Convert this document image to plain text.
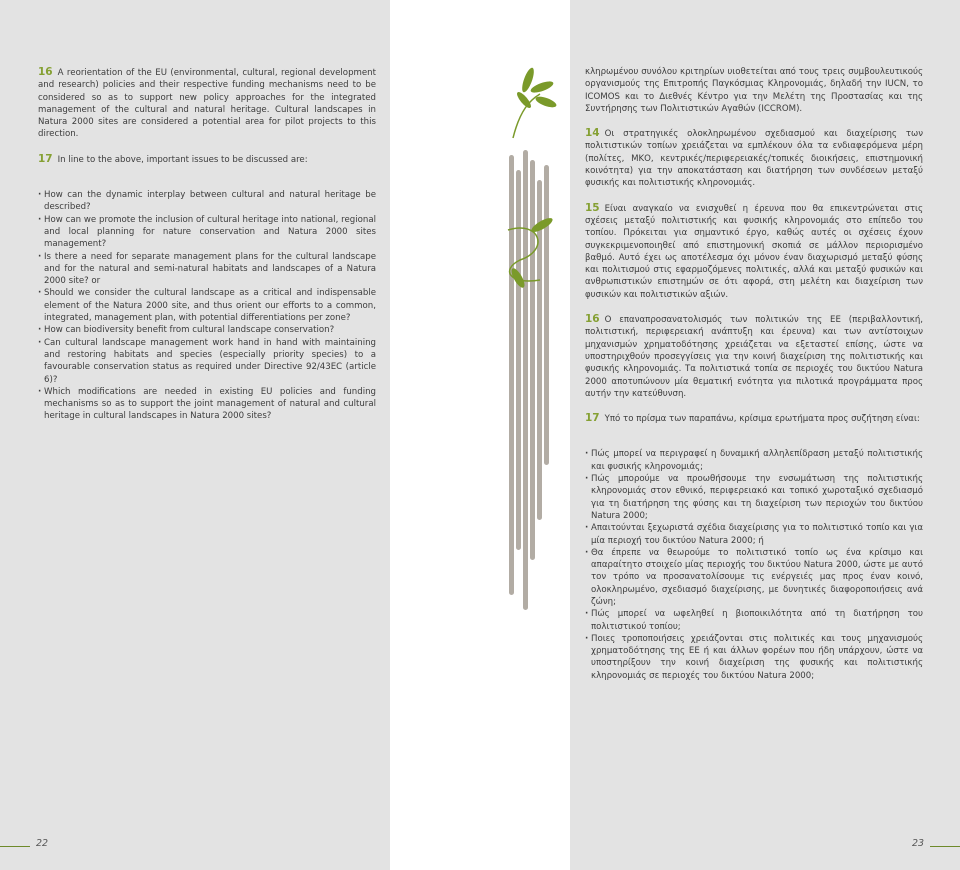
16 A reorientation of the EU (environmental, cultural, regional development and research) policies and their respective funding mechanisms need to be considered so as to support new policy approaches for the integrated management of the cultural and natural heritage. Cultural landscapes in Natura 2000 sites are considered a potential area for pilot projects to this direction.

17 In line to the above, important issues to be discussed are:

· How can the dynamic interplay between cultural and natural heritage be described?
· How can we promote the inclusion of cultural heritage into national, regional and local planning for nature conservation and Natura 2000 sites management?
· Is there a need for separate management plans for the cultural landscape and for the natural and semi-natural habitats and landscapes of a Natura 2000 site? or
· Should we consider the cultural landscape as a critical and indispensable element of the Natura 2000 site, and thus orient our efforts to a common, integrated, management plan, with potential differentiations per zone?
· How can biodiversity benefit from cultural landscape conservation?
· Can cultural landscape management work hand in hand with maintaining and restoring habitats and species (especially priority species) to a favourable conservation status as required under Directive 92/43EC (article 6)?
· Which modifications are needed in existing EU policies and funding mechanisms so as to support the joint management of natural and cultural heritage in cultural landscapes in Natura 2000 sites?

κληρωμένου συνόλου κριτηρίων υιοθετείται από τους τρεις συμβουλευτικούς οργανισμούς της Επιτροπής Παγκόσμιας Κληρονομιάς, δηλαδή την IUCN, το ICOMOS και το Διεθνές Κέντρο για την Μελέτη της Προστασίας και της Συντήρησης των Πολιτιστικών Αγαθών (ICCROM).

14 Οι στρατηγικές ολοκληρωμένου σχεδιασμού και διαχείρισης των πολιτιστικών τοπίων χρειάζεται να εμπλέκουν όλα τα ενδιαφερόμενα μέρη (πολίτες, ΜΚΟ, κεντρικές/περιφερειακές/τοπικές διοικήσεις, επιστημονική κοινότητα) για την αποκατάσταση και διατήρηση των συνδέσεων μεταξύ φυσικής και πολιτιστικής κληρονομιάς.

15 Είναι αναγκαίο να ενισχυθεί η έρευνα που θα επικεντρώνεται στις σχέσεις μεταξύ πολιτιστικής και φυσικής κληρονομιάς στο επίπεδο του τοπίου. Πρόκειται για σημαντικό έργο, καθώς αυτές οι σχέσεις έχουν συγκεκριμενοποιηθεί από επιστημονική σκοπιά σε μάλλον περιορισμένο βαθμό. Αυτό έχει ως αποτέλεσμα όχι μόνον έναν διαχωρισμό μεταξύ φύσης και πολιτισμού στις εφαρμοζόμενες πολιτικές, αλλά και μεταξύ φυσικών και ανθρωπιστικών επιστημών σε ότι αφορά, στη μελέτη και διαχείριση των φυσικών και πολιτιστικών αξιών.

16 Ο επαναπροσανατολισμός των πολιτικών της ΕΕ (περιβαλλοντική, πολιτιστική, περιφερειακή ανάπτυξη και έρευνα) και των αντίστοιχων μηχανισμών χρηματοδότησης χρειάζεται να εξεταστεί επίσης, ώστε να υποστηριχθούν προσεγγίσεις για την κοινή διαχείριση της πολιτιστικής και φυσικής κληρονομιάς. Τα πολιτιστικά τοπία σε περιοχές του δικτύου Natura 2000 αποτυπώνουν μία θεματική ενότητα για πιλοτικά προγράμματα προς αυτήν την κατεύθυνση.

17 Υπό το πρίσμα των παραπάνω, κρίσιμα ερωτήματα προς συζήτηση είναι:

· Πώς μπορεί να περιγραφεί η δυναμική αλληλεπίδραση μεταξύ πολιτιστικής και φυσικής κληρονομιάς;
· Πώς μπορούμε να προωθήσουμε την ενσωμάτωση της πολιτιστικής κληρονομιάς στον εθνικό, περιφερειακό και τοπικό χωροταξικό σχεδιασμό για τη διατήρηση της φύσης και τη διαχείριση των περιοχών του δικτύου Natura 2000;
· Απαιτούνται ξεχωριστά σχέδια διαχείρισης για το πολιτιστικό τοπίο και για μία περιοχή του δικτύου Natura 2000; ή
· Θα έπρεπε να θεωρούμε το πολιτιστικό τοπίο ως ένα κρίσιμο και απαραίτητο στοιχείο μίας περιοχής του δικτύου Natura 2000, ώστε με αυτό τον τρόπο να προσανατολίσουμε τις ενέργειές μας προς έναν κοινό, ολοκληρωμένο, σχεδιασμό διαχείρισης, με δυνητικές διαφοροποιήσεις ανά ζώνη;
· Πώς μπορεί να ωφεληθεί η βιοποικιλότητα από τη διατήρηση του πολιτιστικού τοπίου;
· Ποιες τροποποιήσεις χρειάζονται στις πολιτικές και τους μηχανισμούς χρηματοδότησης της ΕΕ ή και άλλων φορέων που ήδη υπάρχουν, ώστε να υποστηρίξουν την κοινή διαχείριση της φυσικής και πολιτιστικής κληρονομιάς σε περιοχές του δικτύου Natura 2000;
22	23
